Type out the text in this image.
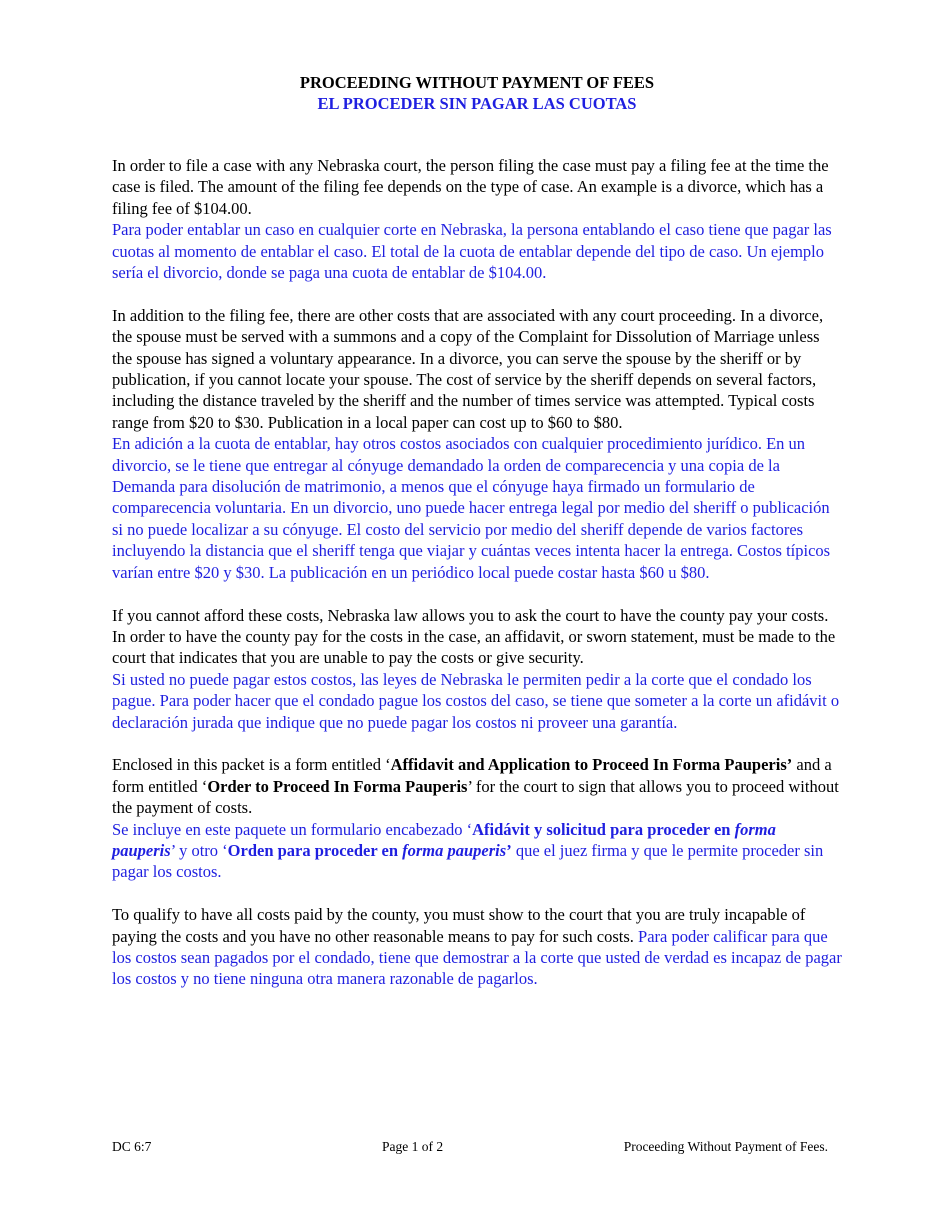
PROCEEDING WITHOUT PAYMENT OF FEES

EL PROCEDER SIN PAGAR LAS CUOTAS

In order to file a case with any Nebraska court, the person filing the case must pay a filing fee at the time the case is filed. The amount of the filing fee depends on the type of case. An example is a divorce, which has a filing fee of $104.00.

Para poder entablar un caso en cualquier corte en Nebraska, la persona entablando el caso tiene que pagar las cuotas al momento de entablar el caso. El total de la cuota de entablar depende del tipo de caso. Un ejemplo sería el divorcio, donde se paga una cuota de entablar de $104.00.

In addition to the filing fee, there are other costs that are associated with any court proceeding. In a divorce, the spouse must be served with a summons and a copy of the Complaint for Dissolution of Marriage unless the spouse has signed a voluntary appearance. In a divorce, you can serve the spouse by the sheriff or by publication, if you cannot locate your spouse. The cost of service by the sheriff depends on several factors, including the distance traveled by the sheriff and the number of times service was attempted. Typical costs range from $20 to $30. Publication in a local paper can cost up to $60 to $80.

En adición a la cuota de entablar, hay otros costos asociados con cualquier procedimiento jurídico. En un divorcio, se le tiene que entregar al cónyuge demandado la orden de comparecencia y una copia de la Demanda para disolución de matrimonio, a menos que el cónyuge haya firmado un formulario de comparecencia voluntaria. En un divorcio, uno puede hacer entrega legal por medio del sheriff o publicación si no puede localizar a su cónyuge. El costo del servicio por medio del sheriff depende de varios factores incluyendo la distancia que el sheriff tenga que viajar y cuántas veces intenta hacer la entrega. Costos típicos varían entre $20 y $30. La publicación en un periódico local puede costar hasta $60 u $80.

If you cannot afford these costs, Nebraska law allows you to ask the court to have the county pay your costs. In order to have the county pay for the costs in the case, an affidavit, or sworn statement, must be made to the court that indicates that you are unable to pay the costs or give security.

Si usted no puede pagar estos costos, las leyes de Nebraska le permiten pedir a la corte que el condado los pague. Para poder hacer que el condado pague los costos del caso, se tiene que someter a la corte un afidávit o declaración jurada que indique que no puede pagar los costos ni proveer una garantía.

Enclosed in this packet is a form entitled ‘Affidavit and Application to Proceed In Forma Pauperis’ and a form entitled ‘Order to Proceed In Forma Pauperis’ for the court to sign that allows you to proceed without the payment of costs.

Se incluye en este paquete un formulario encabezado ‘Afidávit y solicitud para proceder en forma pauperis’ y otro ‘Orden para proceder en forma pauperis’ que el juez firma y que le permite proceder sin pagar los costos.

To qualify to have all costs paid by the county, you must show to the court that you are truly incapable of paying the costs and you have no other reasonable means to pay for such costs. Para poder calificar para que los costos sean pagados por el condado, tiene que demostrar a la corte que usted de verdad es incapaz de pagar los costos y no tiene ninguna otra manera razonable de pagarlos.

DC 6:7	Page 1 of 2	Proceeding Without Payment of Fees.
